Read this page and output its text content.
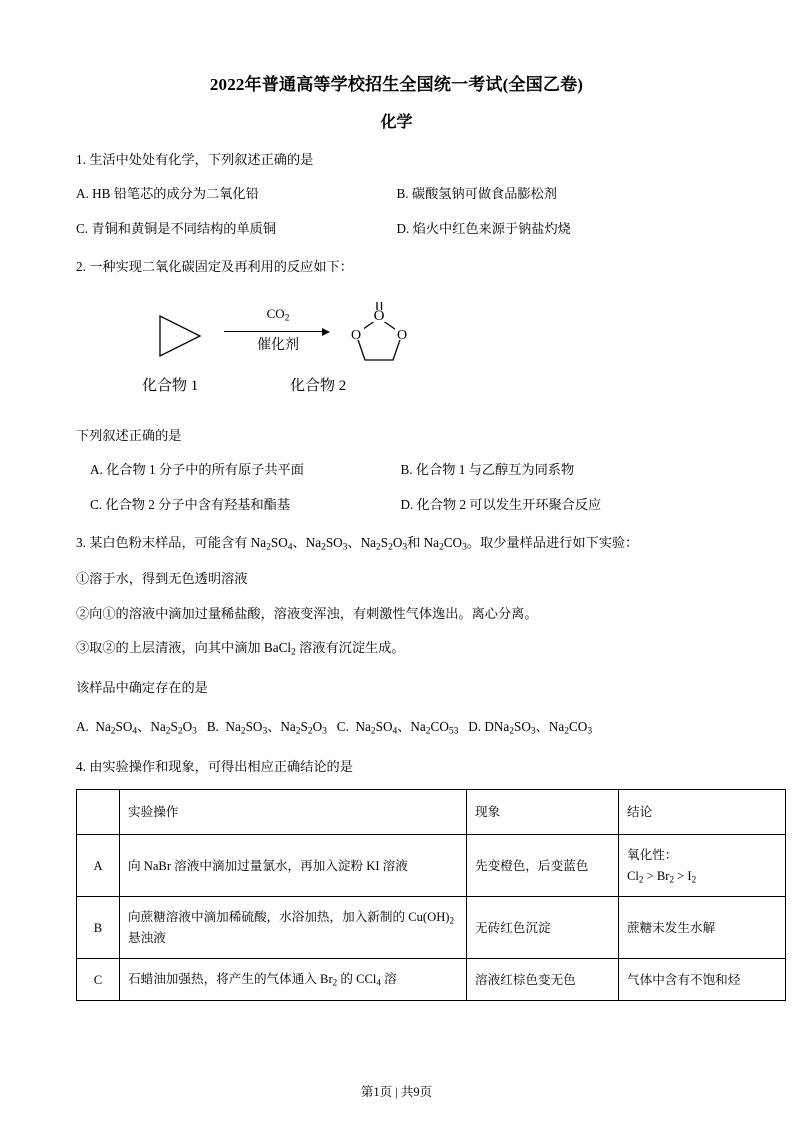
2022年普通高等学校招生全国统一考试(全国乙卷)
化学
1. 生活中处处有化学，下列叙述正确的是
A. HB 铅笔芯的成分为二氧化铅	B. 碳酸氢钠可做食品膨松剂
C. 青铜和黄铜是不同结构的单质铜	D. 焰火中红色来源于钠盐灼烧
2. 一种实现二氧化碳固定及再利用的反应如下：
$CO_2$
催化剂
O
O	O
化合物 1	化合物 2
下列叙述正确的是
A. 化合物 1 分子中的所有原子共平面	B. 化合物 1 与乙醇互为同系物
C. 化合物 2 分子中含有羟基和酯基	D. 化合物 2 可以发生开环聚合反应
3. 某白色粉末样品，可能含有 $Na_2SO_4$、$Na_2SO_3$、$Na_2S_2O_3$和 $Na_2CO_3$。取少量样品进行如下实验：
①溶于水，得到无色透明溶液
②向①的溶液中滴加过量稀盐酸，溶液变浑浊，有刺激性气体逸出。离心分离。
③取②的上层清液，向其中滴加 BaCl$_2$ 溶液有沉淀生成。
该样品中确定存在的是
A.  $Na_2SO_4$、$Na_2S_2O_3$ B.  $Na_2SO_3$、$Na_2S_2O_3$ C.  $Na_2SO_4$、$Na_2CO_{53}$ D. $DNa_2SO_3$、$Na_2CO_3$
4. 由实验操作和现象，可得出相应正确结论的是
	实验操作	现象	结论
A	向 NaBr 溶液中滴加过量氯水，再加入淀粉 KI 溶液	先变橙色，后变蓝色	氧化性：
$Cl_2 > Br_2 > I_2$

B	向蔗糖溶液中滴加稀硫酸，水浴加热，加入新制的 $Cu(OH)_2$ 悬浊液	无砖红色沉淀	蔗糖未发生水解
C	石蜡油加强热，将产生的气体通入 $Br_2$ 的 CCl$_4$ 溶	溶液红棕色变无色	气体中含有不饱和烃
第1页 | 共9页
